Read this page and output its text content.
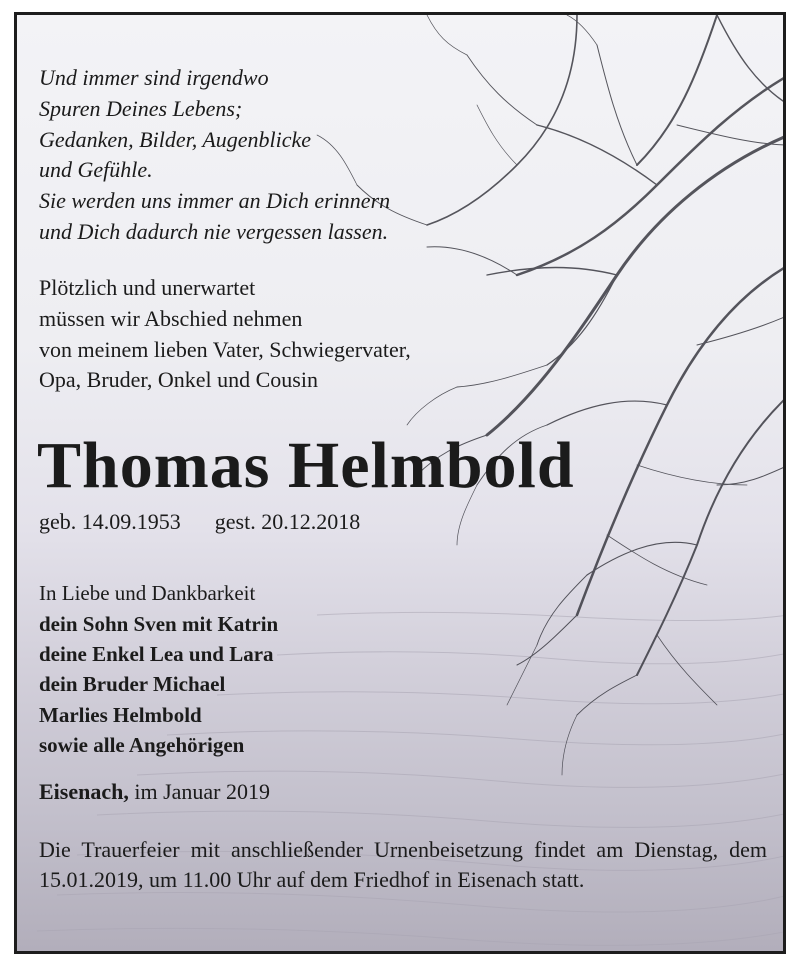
Und immer sind irgendwo
Spuren Deines Lebens;
Gedanken, Bilder, Augenblicke
und Gefühle.
Sie werden uns immer an Dich erinnern
und Dich dadurch nie vergessen lassen.
Plötzlich und unerwartet
müssen wir Abschied nehmen
von meinem lieben Vater, Schwiegervater,
Opa, Bruder, Onkel und Cousin
Thomas Helmbold
geb. 14.09.1953 gest. 20.12.2018
In Liebe und Dankbarkeit
dein Sohn Sven mit Katrin
deine Enkel Lea und Lara
dein Bruder Michael
Marlies Helmbold
sowie alle Angehörigen
Eisenach, im Januar 2019
Die Trauerfeier mit anschließender Urnenbeisetzung findet am Dienstag, dem 15.01.2019, um 11.00 Uhr auf dem Friedhof in Eisenach statt.
